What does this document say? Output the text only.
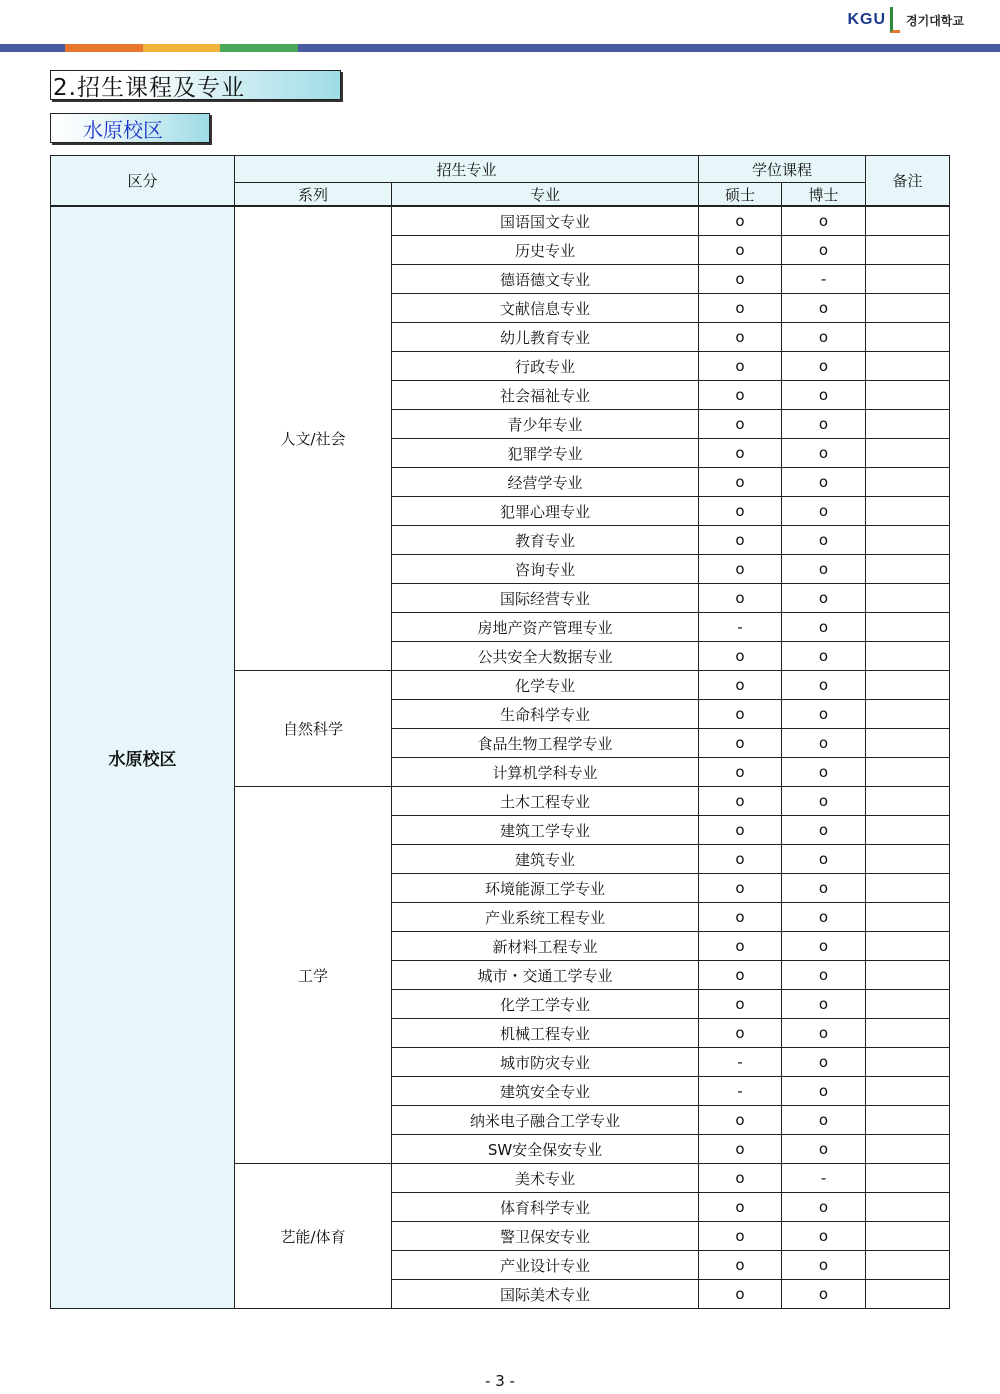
KGU 경기대학교
2.招生课程及专业
水原校区
区分	招生专业		学位课程		备注
	系列	专业	硕士	博士	
水原校区	人文/社会	国语国文专业	o	o	
		历史专业	o	o	
		德语德文专业	o	-	
		文献信息专业	o	o	
		幼儿教育专业	o	o	
		行政专业	o	o	
		社会福祉专业	o	o	
		青少年专业	o	o	
		犯罪学专业	o	o	
		经营学专业	o	o	
		犯罪心理专业	o	o	
		教育专业	o	o	
		咨询专业	o	o	
		国际经营专业	o	o	
		房地产资产管理专业	-	o	
		公共安全大数据专业	o	o	
	自然科学	化学专业	o	o	
		生命科学专业	o	o	
		食品生物工程学专业	o	o	
		计算机学科专业	o	o	
	工学	土木工程专业	o	o	
		建筑工学专业	o	o	
		建筑专业	o	o	
		环境能源工学专业	o	o	
		产业系统工程专业	o	o	
		新材料工程专业	o	o	
		城市・交通工学专业	o	o	
		化学工学专业	o	o	
		机械工程专业	o	o	
		城市防灾专业	-	o	
		建筑安全专业	-	o	
		纳米电子融合工学专业	o	o	
		SW安全保安专业	o	o	
	艺能/体育	美术专业	o	-	
		体育科学专业	o	o	
		警卫保安专业	o	o	
		产业设计专业	o	o	
		国际美术专业	o	o	
- 3 -
